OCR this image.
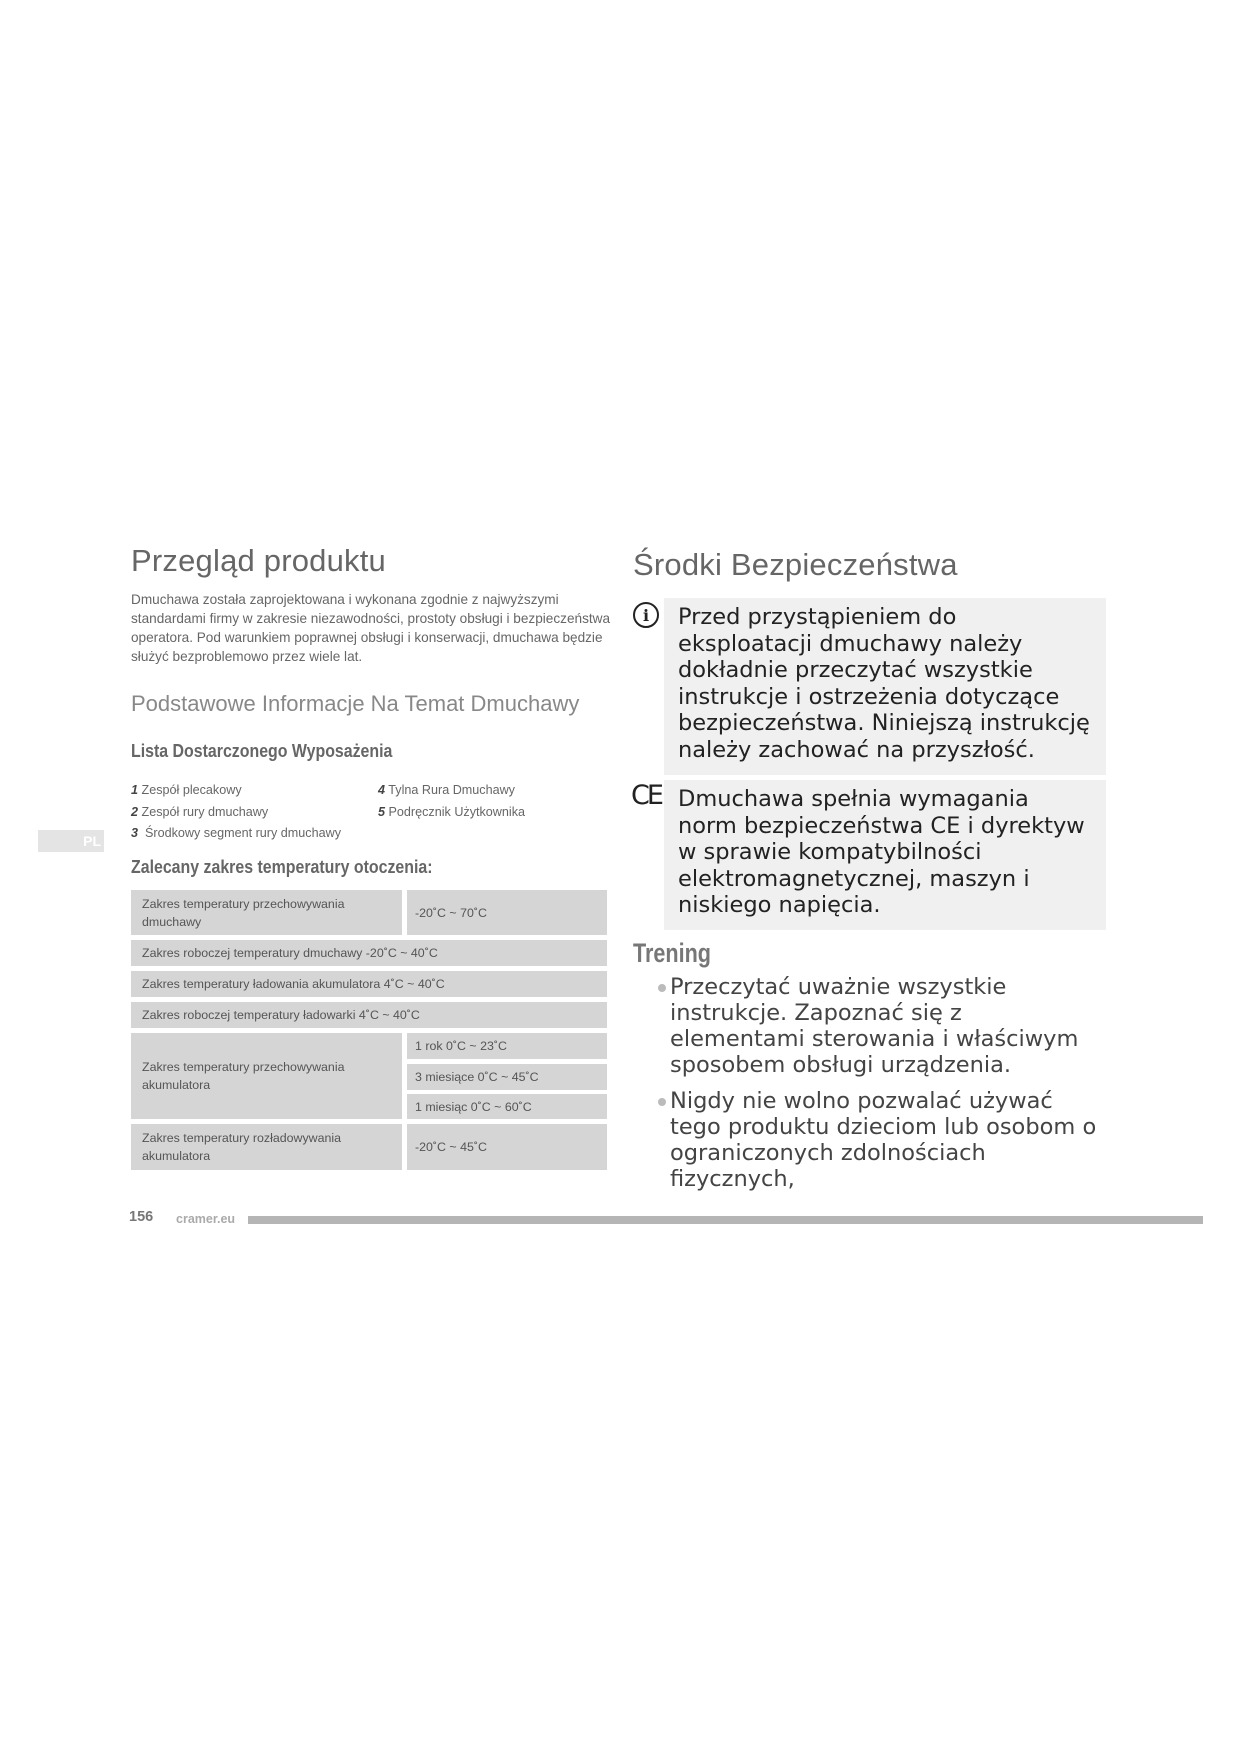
Przegląd produktu
Dmuchawa została zaprojektowana i wykonana zgodnie z najwyższymi standardami firmy w zakresie niezawodności, prostoty obsługi i bezpieczeństwa operatora. Pod warunkiem poprawnej obsługi i konserwacji, dmuchawa będzie służyć bezproblemowo przez wiele lat.
Podstawowe Informacje Na Temat Dmuchawy
Lista Dostarczonego Wyposażenia
1 Zespół plecakowy
2 Zespół rury dmuchawy
3 Środkowy segment rury dmuchawy
4 Tylna Rura Dmuchawy
5 Podręcznik Użytkownika
PL
Zalecany zakres temperatury otoczenia:
Zakres temperatury przechowywania dmuchawy
-20˚C ~ 70˚C
Zakres roboczej temperatury dmuchawy -20˚C ~ 40˚C
Zakres temperatury ładowania akumulatora 4˚C ~ 40˚C
Zakres roboczej temperatury ładowarki 4˚C ~ 40˚C
Zakres temperatury przechowywania akumulatora
1 rok 0˚C ~ 23˚C
3 miesiące 0˚C ~ 45˚C
1 miesiąc 0˚C ~ 60˚C
Zakres temperatury rozładowywania akumulatora
-20˚C ~ 45˚C
Środki Bezpieczeństwa
i	Przed przystąpieniem do eksploatacji dmuchawy należy dokładnie przeczytać wszystkie instrukcje i ostrzeżenia dotyczące bezpieczeństwa. Niniejszą instrukcję należy zachować na przyszłość.
CE Dmuchawa spełnia wymagania norm bezpieczeństwa CE i dyrektyw w sprawie kompatybilności elektromagnetycznej, maszyn i niskiego napięcia.
Trening
Przeczytać uważnie wszystkie instrukcje. Zapoznać się z elementami sterowania i właściwym sposobem obsługi urządzenia.
Nigdy nie wolno pozwalać używać tego produktu dzieciom lub osobom o ograniczonych zdolnościach fizycznych,
156 cramer.eu
